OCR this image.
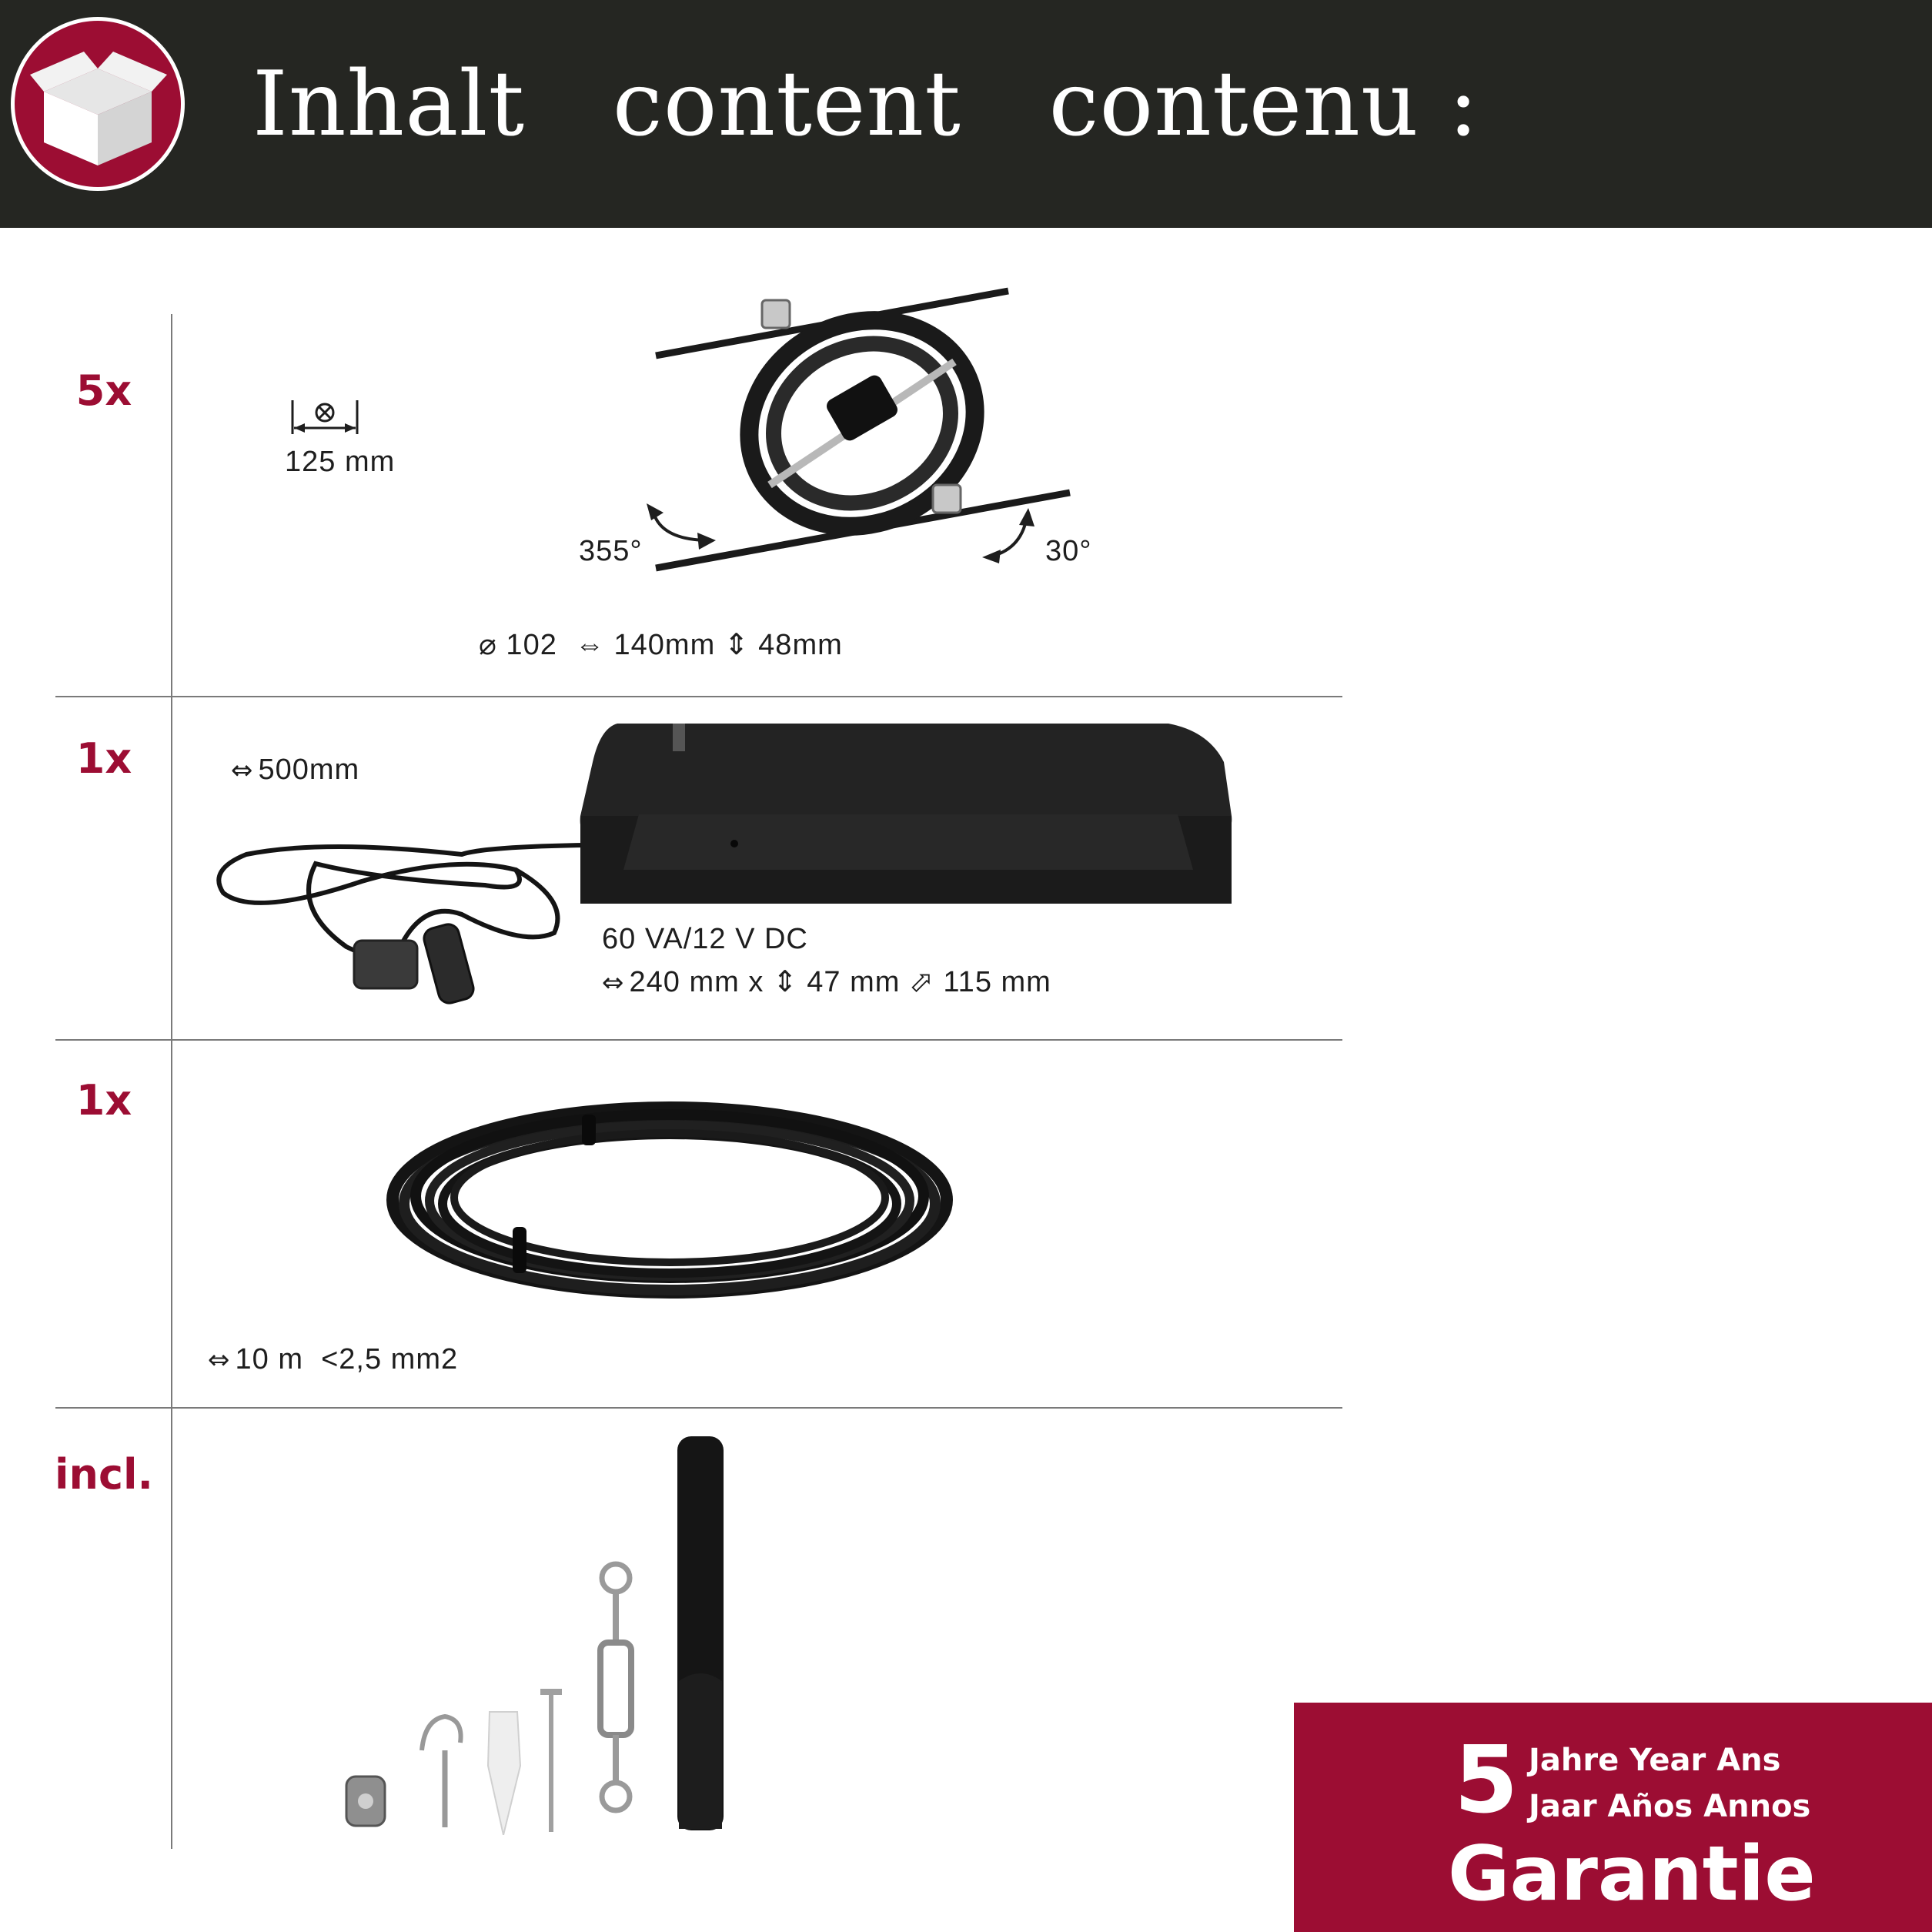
Inhalt   content   contenu :
5x
125 mm
355°	30°
⌀ 102  ⇔ 140mm ⇕ 48mm
1x	⇔ 500mm
60 VA/12 V DC
⇔ 240 mm x ⇕ 47 mm ⬀ 115 mm
1x
⇔ 10 m  <2,5 mm2
incl.
5 Jahre Year Ans
Jaar Años Annos
Garantie
